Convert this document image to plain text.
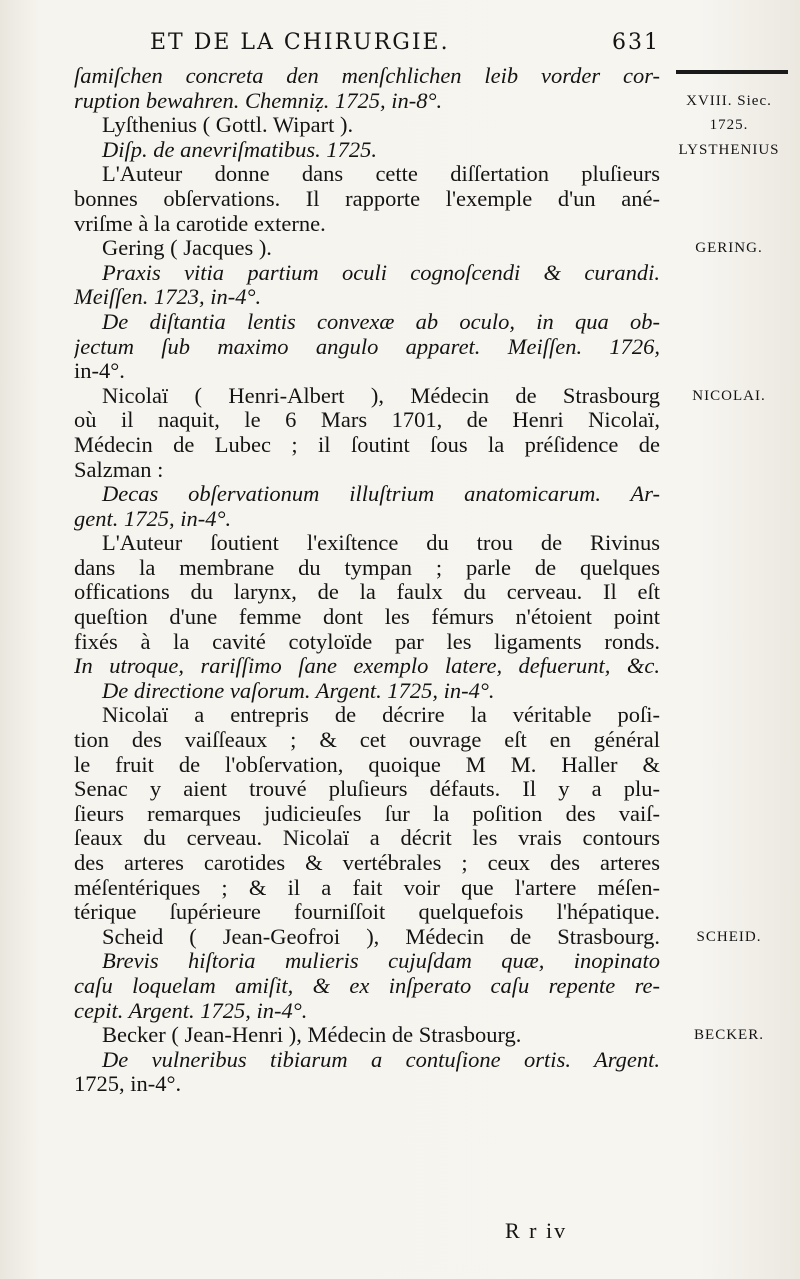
ET DE LA CHIRURGIE.	631
ſamiſchen concreta den menſchlichen leib vorder cor-
ruption bewahren. Chemniẓ. 1725, in-8°.
Lyſthenius ( Gottl. Wipart ).
Diſp. de anevriſmatibus. 1725.
L'Auteur donne dans cette diſſertation pluſieurs
bonnes obſervations. Il rapporte l'exemple d'un ané-
vriſme à la carotide externe.
Gering ( Jacques ).
Praxis vitia partium oculi cognoſcendi & curandi.
Meiſſen. 1723, in-4°.
De diſtantia lentis convexæ ab oculo, in qua ob-
jectum ſub maximo angulo apparet. Meiſſen. 1726,
in-4°.
Nicolaï ( Henri-Albert ), Médecin de Strasbourg
où il naquit, le 6 Mars 1701, de Henri Nicolaï,
Médecin de Lubec ; il ſoutint ſous la préſidence de
Salzman :
Decas obſervationum illuſtrium anatomicarum. Ar-
gent. 1725, in-4°.
L'Auteur ſoutient l'exiſtence du trou de Rivinus
dans la membrane du tympan ; parle de quelques
offications du larynx, de la faulx du cerveau. Il eſt
queſtion d'une femme dont les fémurs n'étoient point
fixés à la cavité cotyloïde par les ligaments ronds.
In utroque, rariſſimo ſane exemplo latere, defuerunt, &c.
De directione vaſorum. Argent. 1725, in-4°.
Nicolaï a entrepris de décrire la véritable poſi-
tion des vaiſſeaux ; & cet ouvrage eſt en général
le fruit de l'obſervation, quoique M M. Haller &
Senac y aient trouvé pluſieurs défauts. Il y a plu-
ſieurs remarques judicieuſes ſur la poſition des vaiſ-
ſeaux du cerveau. Nicolaï a décrit les vrais contours
des arteres carotides & vertébrales ; ceux des arteres
méſentériques ; & il a fait voir que l'artere méſen-
térique ſupérieure fourniſſoit quelquefois l'hépatique.
Scheid ( Jean-Geofroi ), Médecin de Strasbourg.
Brevis hiſtoria mulieris cujuſdam quæ, inopinato
caſu loquelam amiſit, & ex inſperato caſu repente re-
cepit. Argent. 1725, in-4°.
Becker ( Jean-Henri ), Médecin de Strasbourg.
De vulneribus tibiarum a contuſione ortis. Argent.
1725, in-4°.
XVIII. Siec.
1725.
LYSTHENIUS
GERING.
NICOLAI.
SCHEID.
BECKER.
R r iv
